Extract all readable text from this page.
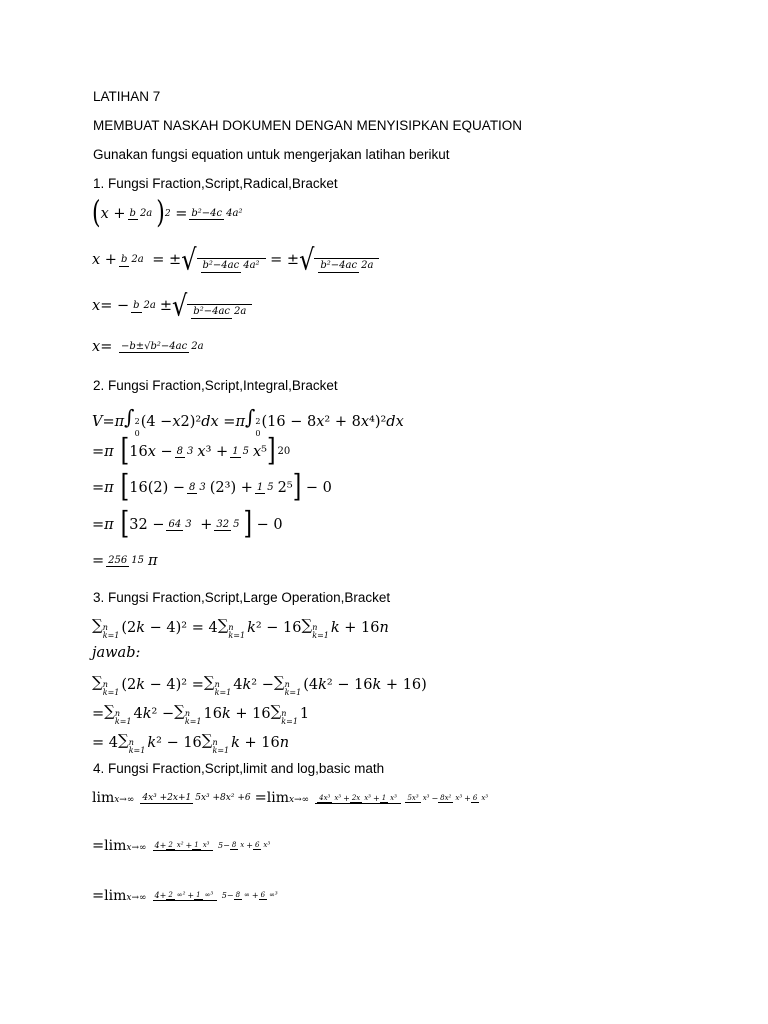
LATIHAN 7
MEMBUAT NASKAH DOKUMEN DENGAN MENYISIPKAN EQUATION
Gunakan fungsi equation untuk mengerjakan latihan berikut
1. Fungsi Fraction,Script,Radical,Bracket
( x + b 2a ) 2 = b²−4c 4a²
x + b 2a = ± √ b²−4ac 4a² = ± √ b²−4ac 2a
x = − b 2a ± √ b²−4ac 2a
x = −b±√b²−4ac 2a
2. Fungsi Fraction,Script,Integral,Bracket
V = π ∫ 2
0
(4 − x 2)² dx = π ∫ 2
0
(16 − 8 x ² + 8 x ⁴)² dx
= π [ 16 x − 8 3 x ³ + 1 5 x ⁵ ] 20
= π [ 16(2) − 8 3 (2³) + 1 5 2⁵ ] − 0
= π [ 32 − 64 3 + 32 5 ] − 0
= 256 15 π
3. Fungsi Fraction,Script,Large Operation,Bracket
∑ n
k=1 (2 k − 4)² = 4 ∑ n
k=1 k ² − 16 ∑ n
k=1 k + 16 n
jawab:
∑ n
k=1 (2 k − 4)² = ∑ n
k=1 4 k ² − ∑ n
k=1 (4 k ² − 16 k + 16)
= ∑ n
k=1 4 k ² − ∑ n
k=1 16 k + 16 ∑ n
k=1 1
= 4 ∑ n
k=1 k ² − 16 ∑ n
k=1 k + 16 n
4. Fungsi Fraction,Script,limit and log,basic math
limx→∞ 4x³ +2x+1 5x³ +8x² +6 = limx→∞ 4x³ x³ + 2x x³ + 1 x³
5x³ x³ − 8x² x³ + 6 x³
= limx→∞ 4+ 2 x² + 1 x³ 5− 8 x + 6 x³
= limx→∞ 4+ 2 ∞² + 1 ∞³ 5− 8 ∞ + 6 ∞³
